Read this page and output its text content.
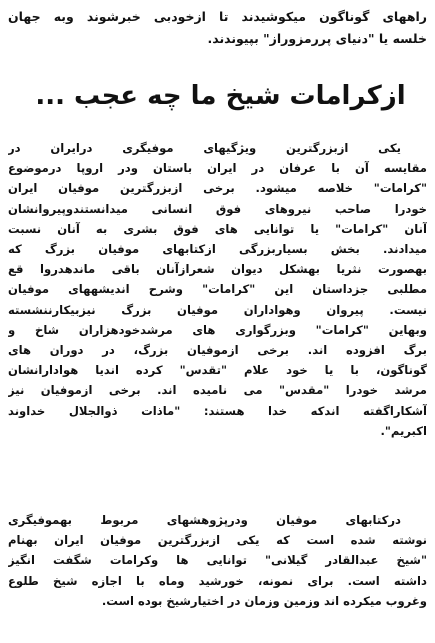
راههای گوناگون میکوشیدند تا ازخودبی خبرشوند وبه جهان
خلسه یا "دنیای پررمزوراز" بپیوندند.
ازکرامات شیخ ما چه عجب ...
یکی ازبزرگترین ویژگیهای موفیگری درایران در
مقایسه آن با عرفان در ایران باستان ودر اروپا درموضوع
"کرامات" خلاصه میشود. برخی ازبزرگترین موفیان ایران
خودرا صاحب نیروهای فوق انسانی میدانستندوپیروانشان
آنان "کرامات" یا توانایی های فوق بشری به آنان نسبت
میدادند. بخش بسیاربزرگی ازکتابهای موفیان بزرگ که
بهصورت نثریا بهشکل دیوان شعرازآنان باقی ماندهدروا قع
مطلبی جزداستان این "کرامات" وشرح اندیشههای موفیان
نیست. پیروان وهواداران موفیان بزرگ نیزبیکارننشسته
وبهاین "کرامات" وبزرگواری های مرشدخودهزاران شاخ و
برگ افزوده اند. برخی ازموفیان بزرگ، در دوران های
گوناگون، با یا خود علام "تقدس" کرده اندیا هوادارانشان
مرشد خودرا "مقدس" می نامیده اند. برخی ازموفیان نیز
آشکاراگفته اندکه خدا هستند: "ماذات ذوالجلال خداوند
اکبریم".
درکتابهای موفیان ودرپژوهشهای مربوط بهموفیگری
نوشته شده است که یکی ازبزرگترین موفیان ایران بهنام
"شیخ عبدالقادر گیلانی" توانایی ها وکرامات شگفت انگیز
داشته است. برای نمونه، خورشید وماه با اجازه شیخ طلوع
وغروب میکرده اند وزمین وزمان در اختیارشیخ بوده است.
